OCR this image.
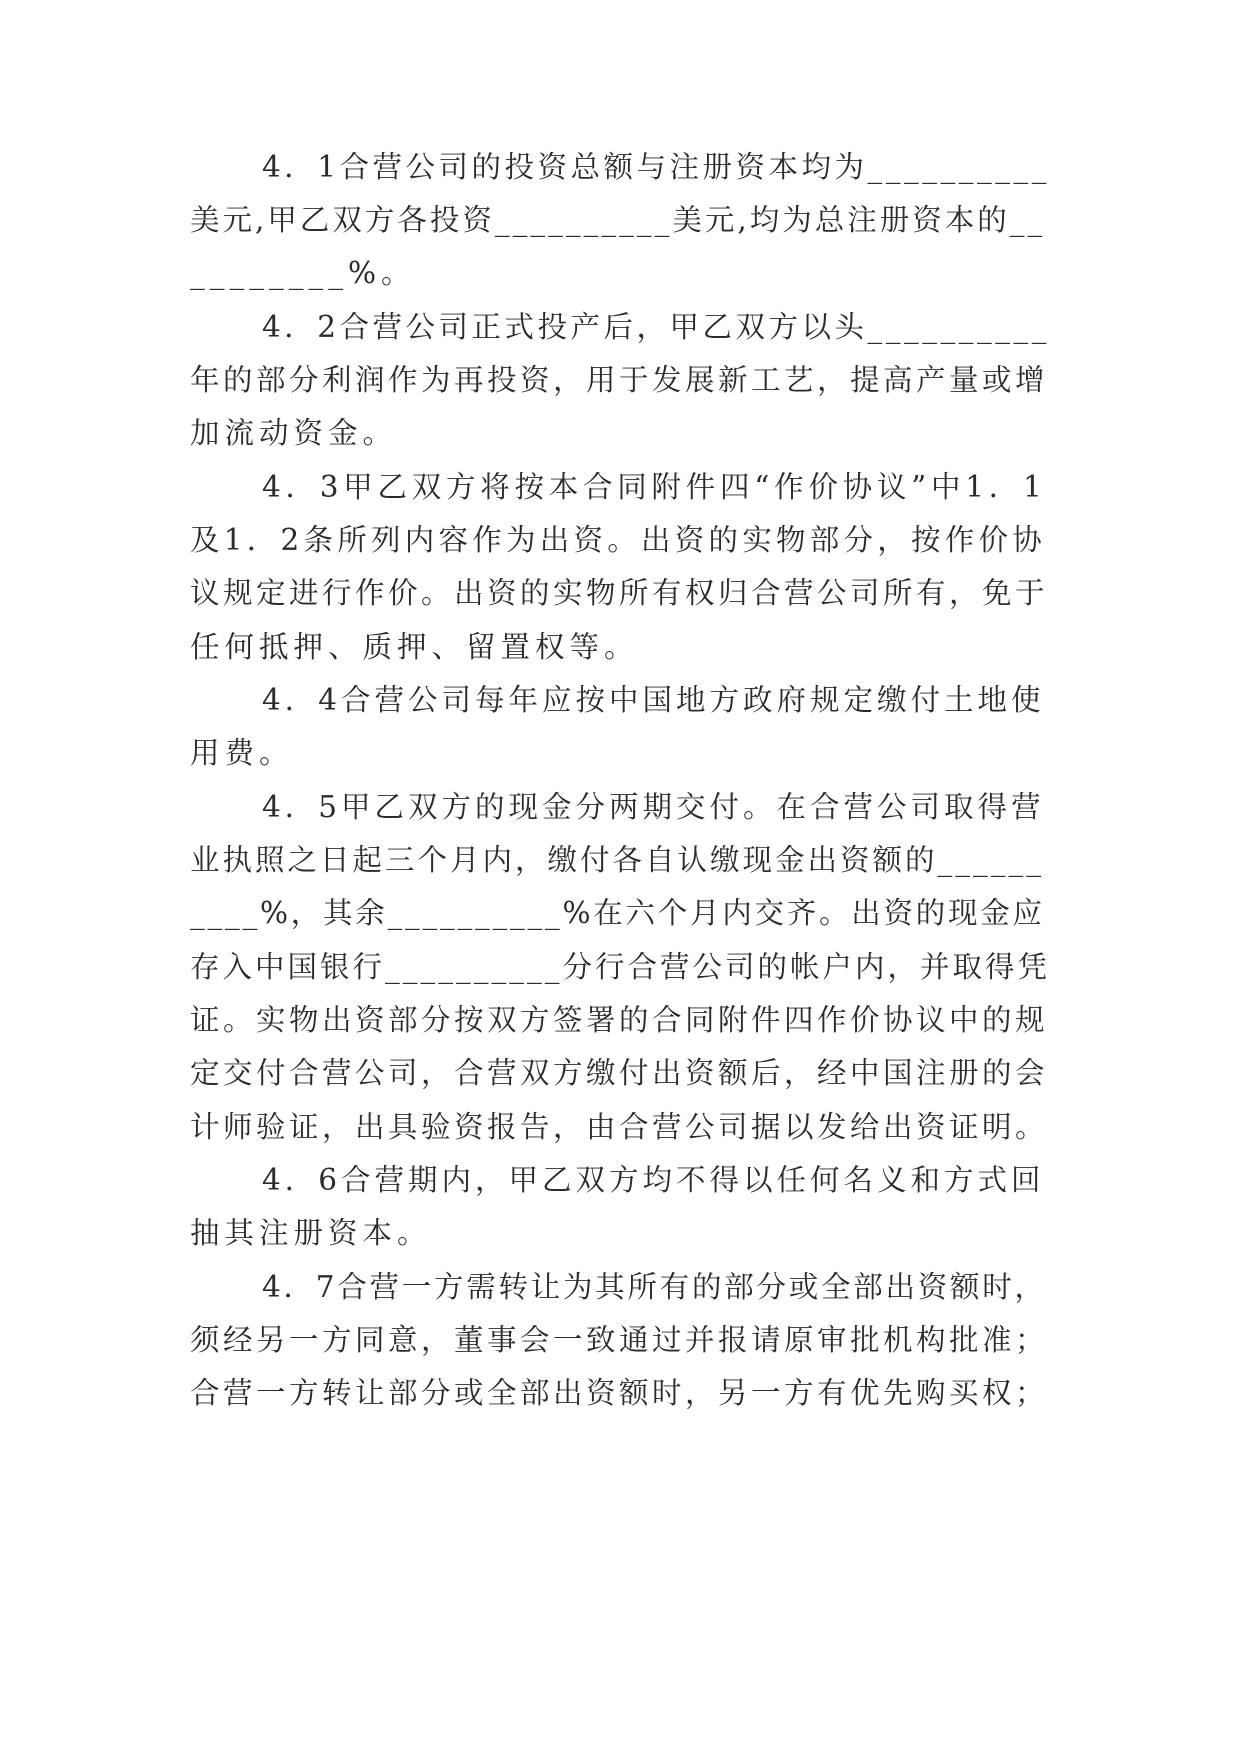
4．1合营公司的投资总额与注册资本均为__________
美元,甲乙双方各投资__________美元,均为总注册资本的__
________%。
4．2合营公司正式投产后，甲乙双方以头__________
年的部分利润作为再投资，用于发展新工艺，提高产量或增
加流动资金。
4．3甲乙双方将按本合同附件四“作价协议”中1．1
及1．2条所列内容作为出资。出资的实物部分，按作价协
议规定进行作价。出资的实物所有权归合营公司所有，免于
任何抵押、质押、留置权等。
4．4合营公司每年应按中国地方政府规定缴付土地使
用费。
4．5甲乙双方的现金分两期交付。在合营公司取得营
业执照之日起三个月内，缴付各自认缴现金出资额的______
____%，其余__________%在六个月内交齐。出资的现金应
存入中国银行__________分行合营公司的帐户内，并取得凭
证。实物出资部分按双方签署的合同附件四作价协议中的规
定交付合营公司，合营双方缴付出资额后，经中国注册的会
计师验证，出具验资报告，由合营公司据以发给出资证明。
4．6合营期内，甲乙双方均不得以任何名义和方式回
抽其注册资本。
4．7合营一方需转让为其所有的部分或全部出资额时，
须经另一方同意，董事会一致通过并报请原审批机构批准；
合营一方转让部分或全部出资额时，另一方有优先购买权；
